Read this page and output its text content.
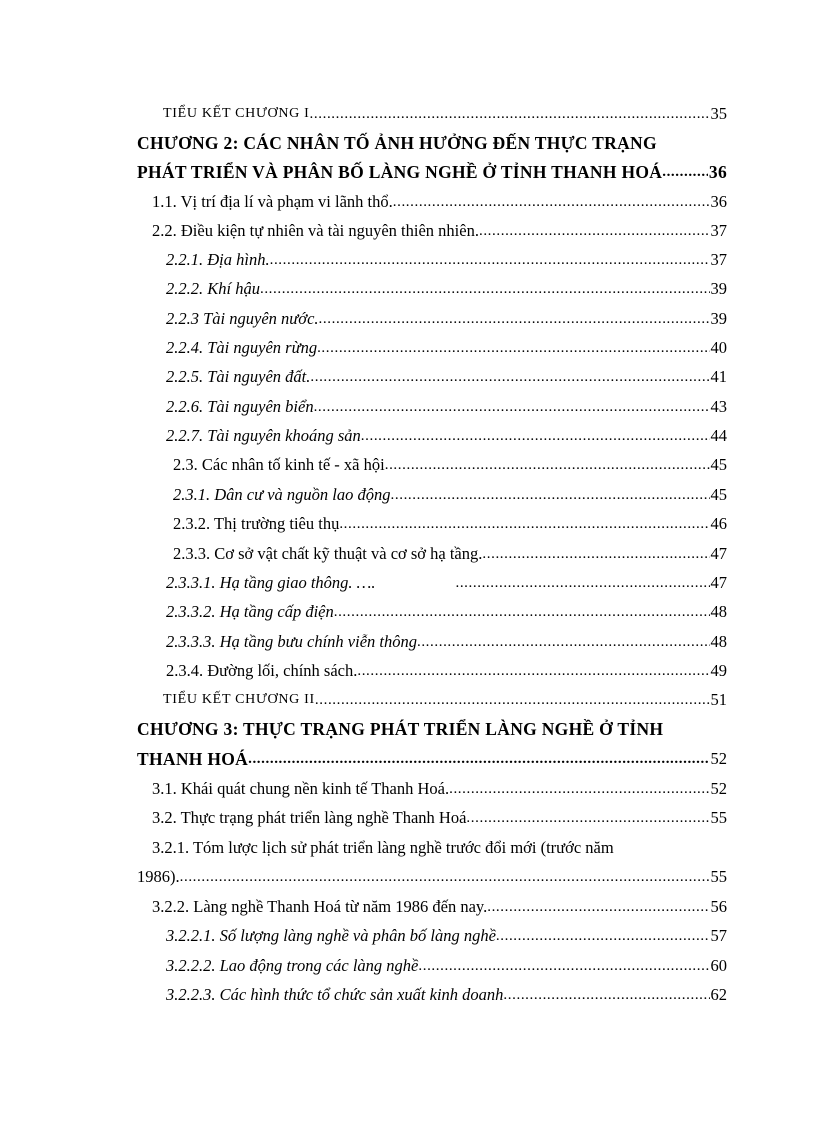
TIỂU KẾT CHƯƠNG I .....	35
CHƯƠNG 2: CÁC NHÂN TỐ ẢNH HƯỞNG ĐẾN THỰC TRẠNG
PHÁT TRIỂN VÀ PHÂN BỐ LÀNG NGHỀ Ở TỈNH THANH HOÁ .....	36
1.1. Vị trí địa lí và phạm vi lãnh thổ. .....	36
2.2. Điều kiện tự nhiên và tài nguyên thiên nhiên. .....	37
2.2.1. Địa hình. .....	37
2.2.2. Khí hậu .....	39
2.2.3 Tài nguyên nước. .....	39
2.2.4. Tài nguyên rừng .....	40
2.2.5. Tài nguyên đất. .....	41
2.2.6. Tài nguyên biển .....	43
2.2.7. Tài nguyên khoáng sản .....	44
2.3. Các nhân tố kinh tế - xã hội .....	45
2.3.1. Dân cư và nguồn lao động .....	45
2.3.2. Thị trường tiêu thụ .....	46
2.3.3. Cơ sở vật chất kỹ thuật và cơ sở hạ tầng. .....	47
2.3.3.1. Hạ tầng giao thông. …. .....	47
2.3.3.2. Hạ tầng cấp điện .....	48
2.3.3.3. Hạ tầng bưu chính viễn thông .....	48
2.3.4. Đường lối, chính sách. .....	49
TIỂU KẾT CHƯƠNG II .....	51
CHƯƠNG 3: THỰC TRẠNG PHÁT TRIỂN LÀNG NGHỀ Ở TỈNH
THANH HOÁ .....	52
3.1. Khái quát chung nền kinh tế Thanh Hoá. .....	52
3.2. Thực trạng phát triển làng nghề Thanh Hoá .....	55
3.2.1. Tóm lược lịch sử phát triển làng nghề trước đổi mới (trước năm
1986). .....	55
3.2.2. Làng nghề Thanh Hoá từ năm 1986 đến nay. .....	56
3.2.2.1. Số lượng làng nghề và phân bố làng nghề .....	57
3.2.2.2. Lao động trong các làng nghề .....	60
3.2.2.3. Các hình thức tổ chức sản xuất kinh doanh .....	62
